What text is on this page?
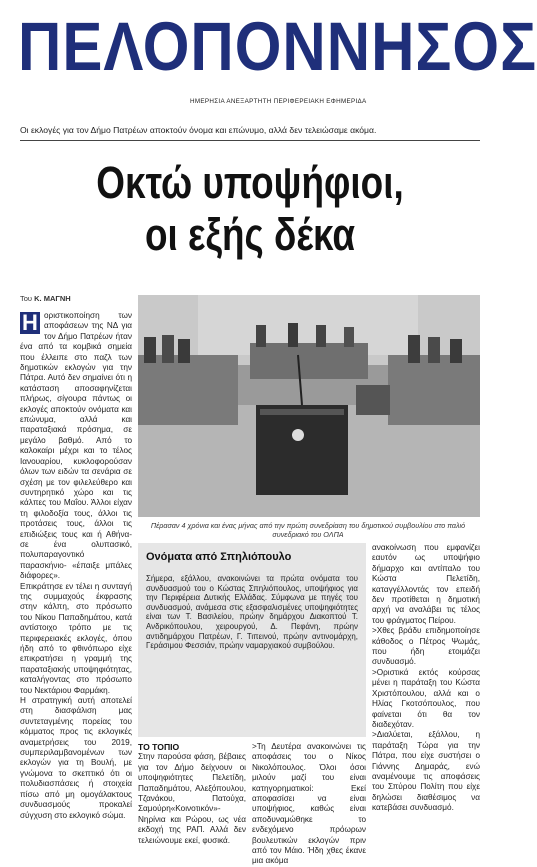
ΠΕΛΟΠΟΝΝΗΣΟΣ
ΗΜΕΡΗΣΙΑ ΑΝΕΞΑΡΤΗΤΗ ΠΕΡΙΦΕΡΕΙΑΚΗ ΕΦΗΜΕΡΙΔΑ
Οι εκλογές για τον Δήμο Πατρέων αποκτούν όνομα και επώνυμο, αλλά δεν τελειώσαμε ακόμα.
Οκτώ υποψήφιοι,
οι εξής δέκα
Του Κ. ΜΑΓΝΗ
Η οριστικοποίηση των αποφάσεων της ΝΔ για τον Δήμο Πατρέων ήταν ένα από τα κομβικά σημεία που έλλειπε στο παζλ των δημοτικών εκλογών για την Πάτρα. Αυτό δεν σημαίνει ότι η κατάσταση αποσαφηνίζεται πλήρως, σίγουρα πάντως οι εκλογές αποκτούν ονόματα και επώνυμα, αλλά και παραταξιακά πρόσημα, σε μεγάλο βαθμό. Από το καλοκαίρι μέχρι και το τέλος Ιανουαρίου, κυκλοφορούσαν όλων των ειδών τα σενάρια σε σχέση με τον φιλελεύθερο και συντηρητικό χώρο και τις κάλπες του Μαΐου. Άλλοι είχαν τη φιλοδοξία τους, άλλοι τις προτάσεις τους, άλλοι τις επιδιώξεις τους και ή Αθήνα- σε ένα ολυπασικό, πολυπαραγοντικό παρασκήνιο- «έπαιξε μπάλες διάφορες».

Επικράτησε εν τέλει η συνταγή της συμμαχούς έκφρασης στην κάλπη, στο πρόσωπο του Νίκου Παπαδημάτου, κατά αντίστοιχο τρόπο με τις περιφερειακές εκλογές, όπου ήδη από το φθινόπωρο είχε επικρατήσει η γραμμή της παραταξιακής υποψηφιότητας, καταλήγοντας στο πρόσωπο του Νεκτάριου Φαρμάκη.

Η στρατηγική αυτή αποτελεί στη διασφάλιση μας συντεταγμένης πορείας του κόμματος προς τις εκλογικές αναμετρήσεις του 2019, συμπεριλαμβανομένων των εκλογών για τη Βουλή, με γνώμονα το σκεπτικό ότι οι πολυδιασπάσεις ή στοιχεία πίσω από μη ομογάλακτους συνδυασμούς προκαλεί σύγχυση στο εκλογικό σώμα.

Πέρασαν 4 χρόνια και ένας μήνας από την πρώτη συνεδρίαση του δημοτικού συμβουλίου στο παλιό συνεδριακό του ΟΛΠΑ
Ονόματα από Σπηλιόπουλο
Σήμερα, εξάλλου, ανακοινώνει τα πρώτα ονόματα του συνδυασμού του ο Κώστας Σπηλιόπουλος, υποψήφιος για την Περιφέρεια Δυτικής Ελλάδας. Σύμφωνα με πηγές του συνδυασμού, ανάμεσα στις εξασφαλισμένες υποψηφιότητες είναι των Τ. Βασιλείου, πρώην δημάρχου Διακοπτού Τ. Ανδρικόπουλου, χειρουργού, Δ. Πεφάνη, πρώην αντιδημάρχου Πατρέων, Γ. Τιπεινού, πρώην αντινομάρχη, Γεράσιμου Φεσσιάν, πρώην ναμαρχιακού συμβούλου.

ανακοίνωση που εμφανίζει εαυτόν ως υποψήφιο δήμαρχο και αντίπαλο του Κώστα Πελετίδη, καταγγέλλοντάς τον επειδή δεν προτίθεται η δημοτική αρχή να αναλάβει τις τέλος του φράγματος Πείρου.

>Χθες βράδυ επιδημοποίησε κάθοδος ο Πέτρος Ψωμάς, που ήδη ετοιμάζει συνδυασμό.

>Οριστικά εκτός κούρσας μένει η παράταξη του Κώστα Χριστόπουλου, αλλά και ο Ηλίας Γκοτσόπουλος, που φαίνεται ότι θα τον διαδεχόταν.

>Διαλύεται, εξάλλου, η παράταξη Τώρα για την Πάτρα, που είχε συστήσει ο Γιάννης Δημαράς, ενώ αναμένουμε τις αποφάσεις του Σπύρου Πολίτη που είχε δηλώσει διαθέσιμος να κατεβάσει συνδυασμό.

ΤΟ ΤΟΠΙΟ

Στην παρούσα φάση, βέβαιες για τον Δήμο δείχνουν οι υποψηφιότητες Πελετίδη, Παπαδημάτου, Αλεξόπουλου, Τζανάκου, Πατούχα, Σαμούρη«Κοινοτικόν»-Νηρίνια και Ρώρου, ως νέα εκδοχή της ΡΑΠ. Αλλά δεν τελειώνουμε εκεί, φυσικά.

>Τη Δευτέρα ανακοινώνει τις αποφάσεις του ο Νίκος Νικολόπουλος. Όλοι όσοι μιλούν μαζί του είναι κατηγορηματικοί: Εκεί αποφασίσει να είναι υποψήφιος, καθώς είναι αποδυναμώθηκε το ενδεχόμενο πρόωρων βουλευτικών εκλογών πριν από τον Μάιο. Ήδη χθες έκανε μια ακόμα
